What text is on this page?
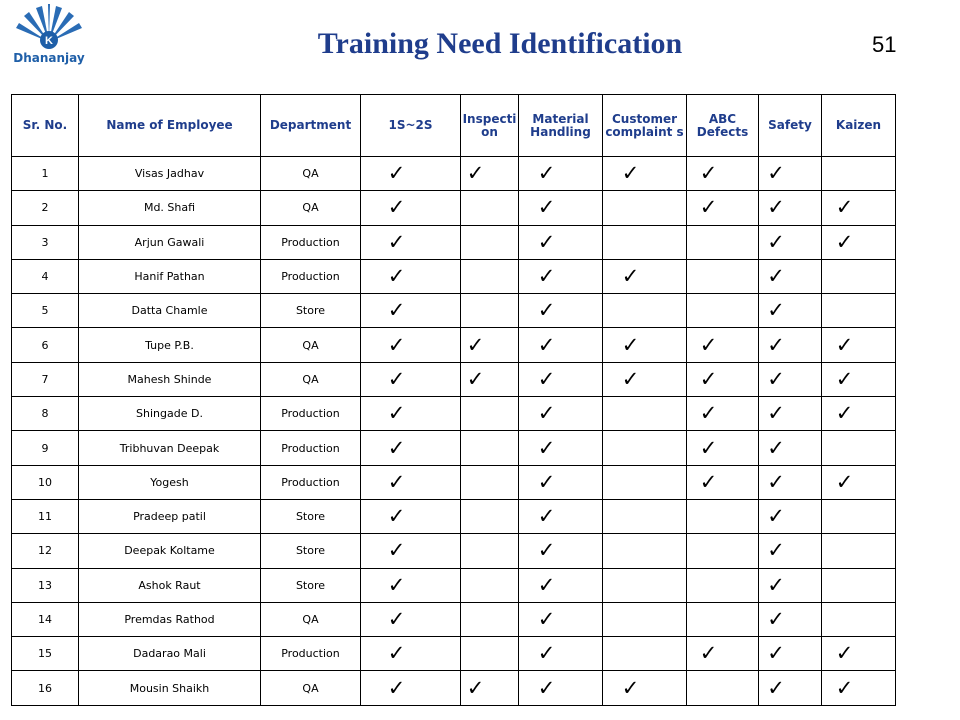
K
Dhananjay	Training Need Identification	51
Sr. No.	Name of Employee	Department	1S~2S	Inspecti on	Material Handling	Customer complaint s	ABC Defects	Safety	Kaizen
1	Visas Jadhav	QA	✓	✓	✓	✓	✓	✓	
2	Md. Shafi	QA	✓		✓		✓	✓	✓
3	Arjun Gawali	Production	✓		✓			✓	✓
4	Hanif Pathan	Production	✓		✓	✓		✓	
5	Datta Chamle	Store	✓		✓			✓	
6	Tupe P.B.	QA	✓	✓	✓	✓	✓	✓	✓
7	Mahesh Shinde	QA	✓	✓	✓	✓	✓	✓	✓
8	Shingade D.	Production	✓		✓		✓	✓	✓
9	Tribhuvan Deepak	Production	✓		✓		✓	✓	
10	Yogesh	Production	✓		✓		✓	✓	✓
11	Pradeep patil	Store	✓		✓			✓	
12	Deepak Koltame	Store	✓		✓			✓	
13	Ashok Raut	Store	✓		✓			✓	
14	Premdas Rathod	QA	✓		✓			✓	
15	Dadarao Mali	Production	✓		✓		✓	✓	✓
16	Mousin Shaikh	QA	✓	✓	✓	✓		✓	✓
